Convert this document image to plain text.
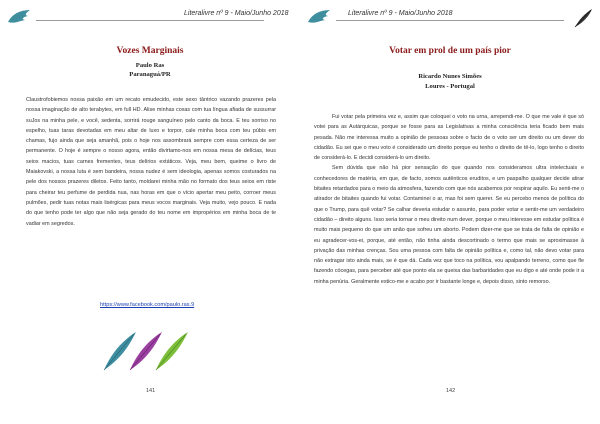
Literalivre nº 9 - Maio/Junho 2018
Vozes Marginais
Paulo Ras
Paranaguá/PR

Claustrofobiemos nossa paixão em um recato emudecido, este sexo tântrico vazando prazeres pela nossa imaginação de alto terabytes, em full HD. Alise minhas coxas com tua língua afiada de sussurrar suJos na minha pele, e você, sedenta, sorrirá rouge sanguíneo pelo canto da boca. E teu sorriso no espelho, tuas taras devotadas em meu altar de luxo e torpor, cale minha boca com teu púbis em chamas, fujo ainda que seja amanhã, pois o hoje nos assombrará sempre com essa certeza de ser permanente. O hoje é sempre o nosso agora, então divirtamo-nos em nossa mesa de delícias, teus seios macios, tuas carnes frementes, teus delírios extáticos. Veja, meu bem, queime o livro de Maiakovski, a nossa luta é sem bandeira, nossa nudez é sem ideologia, apenas somos costurados na pele dos nossos prazeres diletos. Feito tanto, moldarei minha mão no formato dos teus seios em riste para cheirar teu perfume de perdida nua, nas horas em que o vício apertar meu peito, corroer meus pulmões, pedir tuas notas mais lisérgicas para meus vocos marginais. Veja muito, vejo pouco. E nada do que tenho pode ter algo que não seja gerado do teu nome em impropérios em minha boca de te vadiar em segredos.

https://www.facebook.com/paulo.ras.9
141
Literalivre nº 9 - Maio/Junho 2018
Votar em prol de um país pior
Ricardo Nunes Simões
Loures - Portugal

Fui votar pela primeira vez e, assim que coloquei o voto na urna, arrependi-me. O que me vale é que só votei para as Autárquicas, porque se fosse para as Legislativas a minha consciência teria ficado bem mais pesada. Não me interessa muito a opinião de pessoas sobre o facto de o voto ser um direito ou um dever do cidadão. Eu sei que o meu voto é considerado um direito porque eu tenho o direito de tê-lo, logo tenho o direito de considerá-lo. E decidi considerá-lo um direito.

Sem dúvida que não há pior sensação do que quando nos consideramos ultra intelectuais e conhecedores de matéria, em que, de facto, somos autênticos eruditos, e um paspalho qualquer decide atirar bitaites retardados para o meio da atmosfera, fazendo com que nós acabemos por respirar aquilo. Eu senti-me o atirador de bitaites quando fui votar. Contaminei o ar, mas foi sem querer. Se eu percebo menos de política do que o Trump, para quê votar? Se calhar deveria estudar o assunto, para poder votar e sentir-me um verdadeiro cidadão – direito alguns. Isso seria tornar o meu direito num dever, porque o meu interesse em estudar política é muito mais pequeno do que um anão que sofreu um aborto. Podem dizer-me que se trata de falta de opinião e eu agradecer-vos-ei, porque, até então, não tinha ainda descortinado o termo que mais se aproximasse à privação das minhas crenças. Sou uma pessoa com falta de opinião política e, como tal, não devo votar para não estragar isto ainda mais, se é que dá. Cada vez que toco na política, vou apalpando terreno, como que fle fazendo cócegas, para perceber até que ponto ela se queixa das barbaridades que eu digo e até onde pode ir a minha penúria. Geralmente estico-me e acabo por ir bastante longe e, depois disso, sinto remorso.

142
